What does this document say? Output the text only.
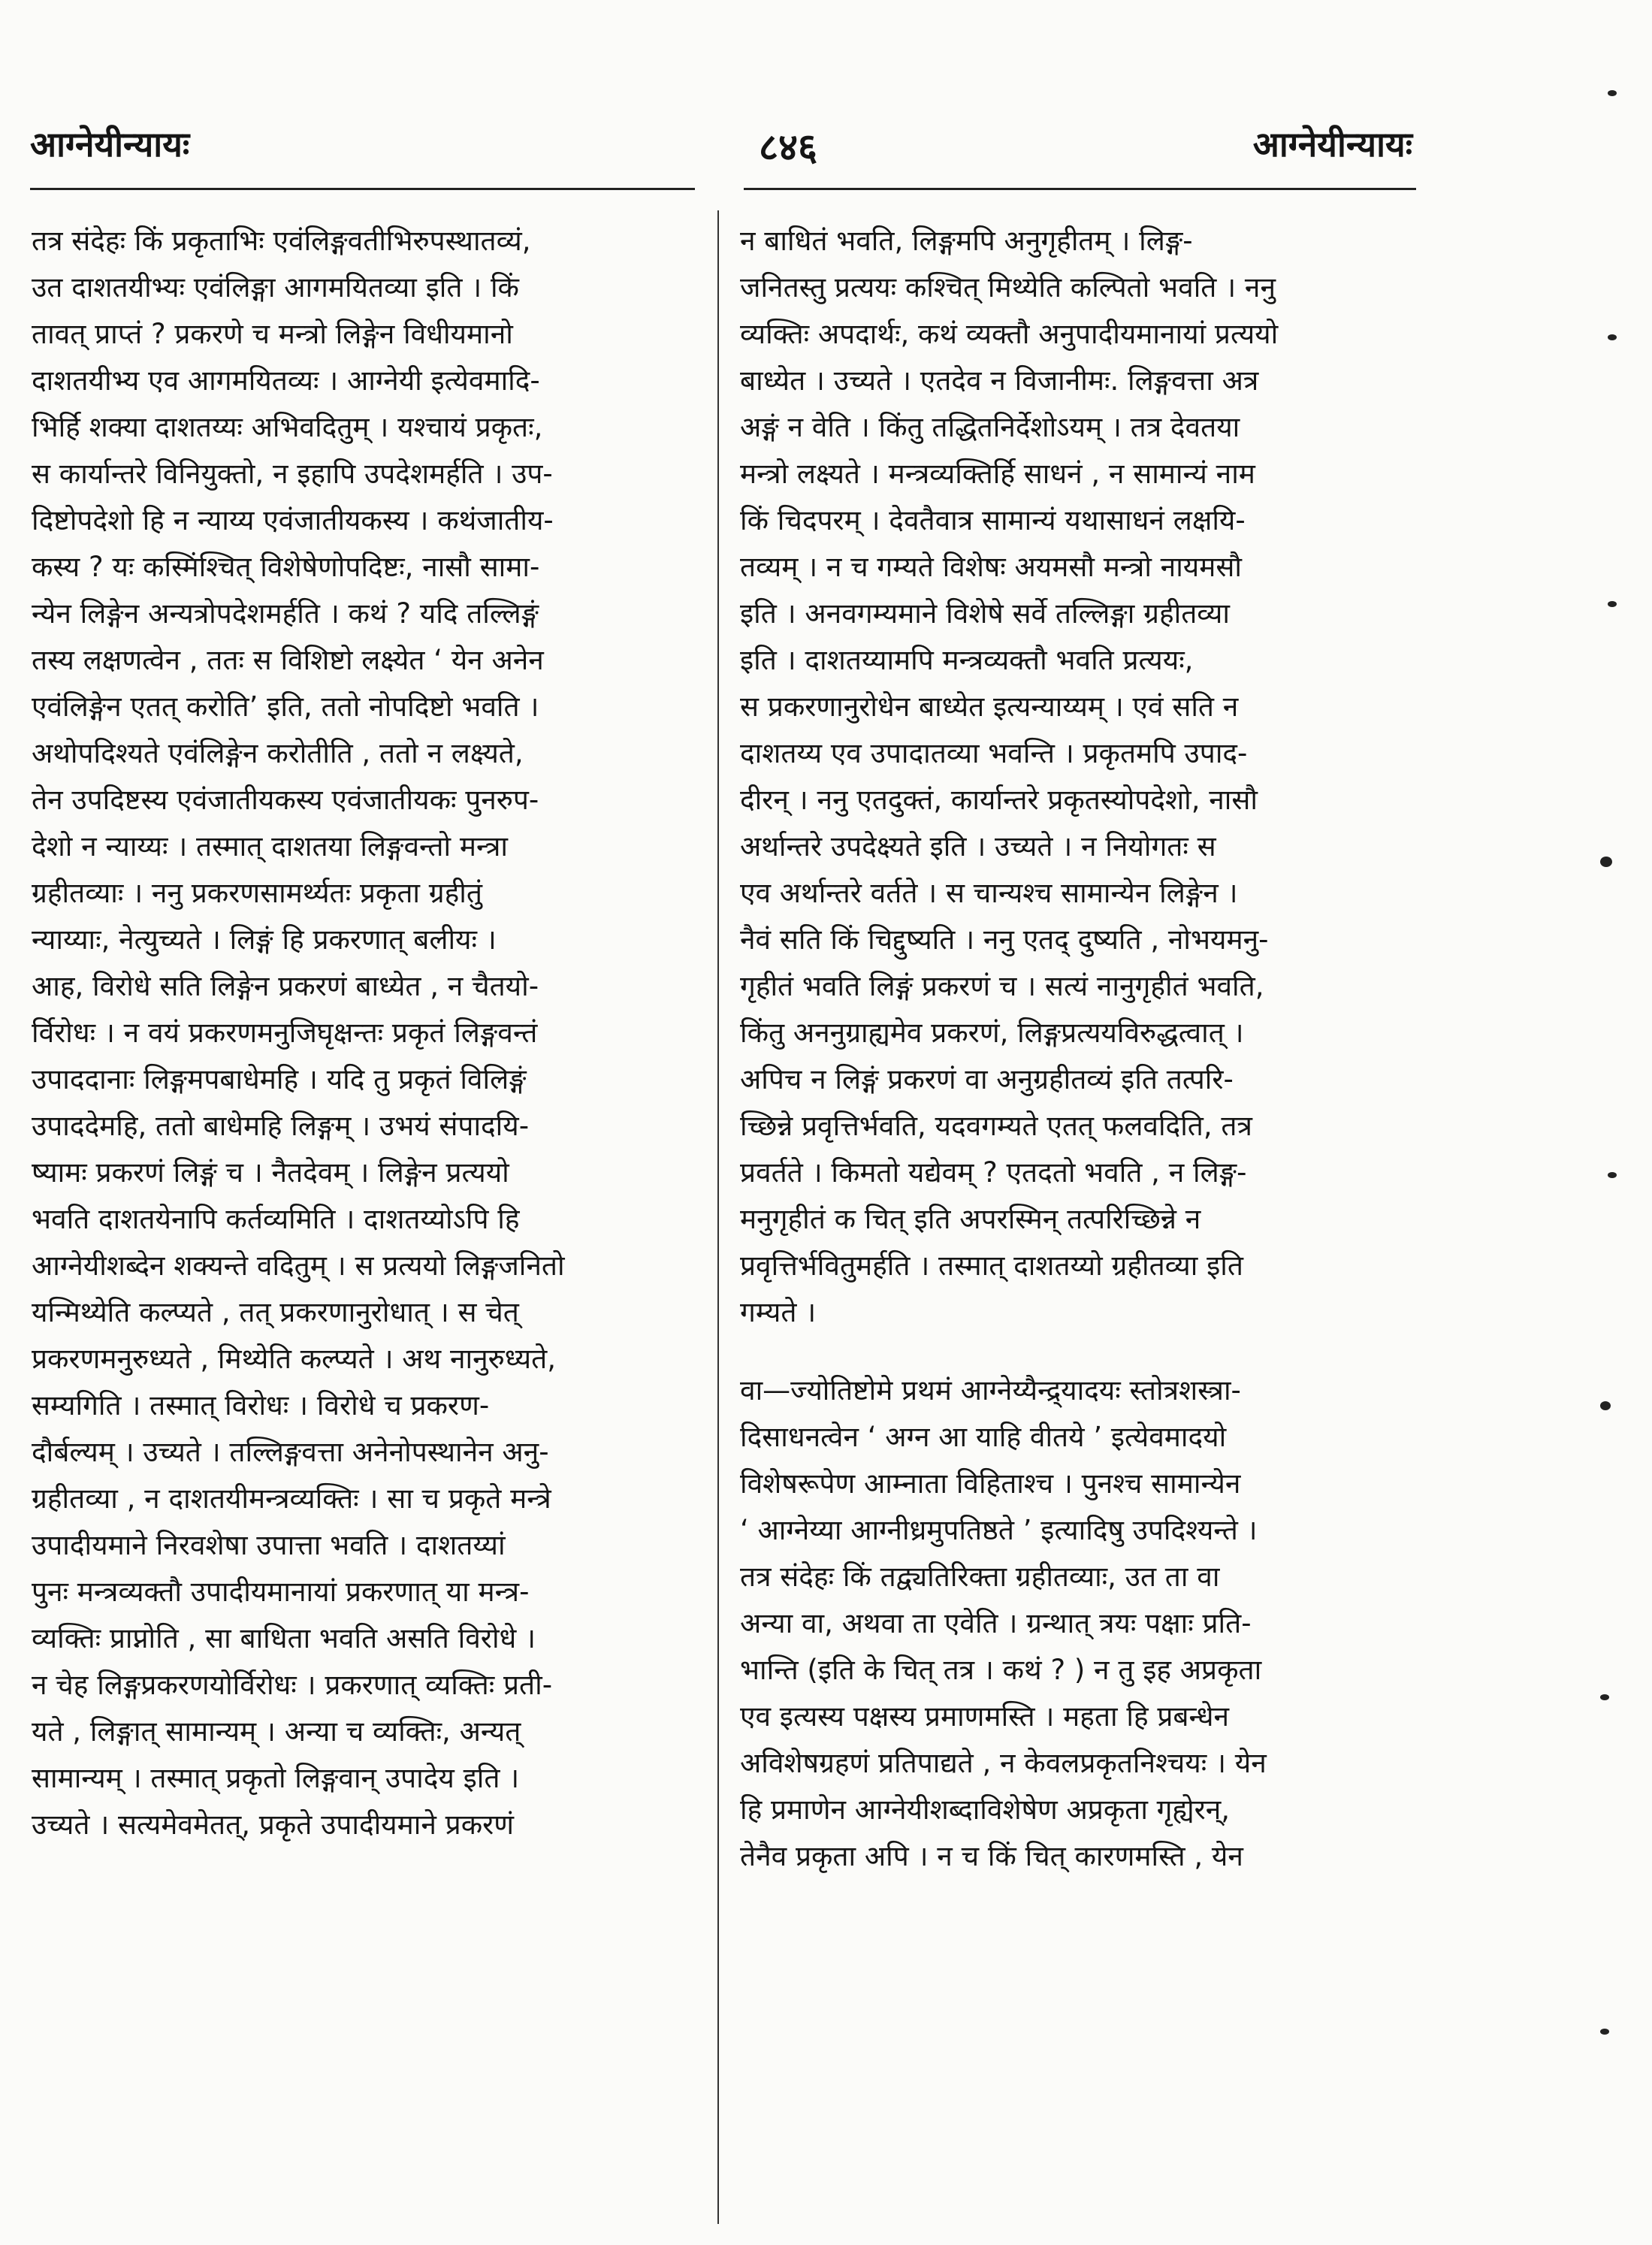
आग्नेयीन्यायः	८४६	आग्नेयीन्यायः
तत्र संदेहः किं प्रकृताभिः एवंलिङ्गवतीभिरुपस्थातव्यं,
उत दाशतयीभ्यः एवंलिङ्गा आगमयितव्या इति । किं
तावत् प्राप्तं ? प्रकरणे च मन्त्रो लिङ्गेन विधीयमानो
दाशतयीभ्य एव आगमयितव्यः । आग्नेयी इत्येवमादि-
भिर्हि शक्या दाशतय्यः अभिवदितुम् । यश्चायं प्रकृतः,
स कार्यान्तरे विनियुक्तो, न इहापि उपदेशमर्हति । उप-
दिष्टोपदेशो हि न न्याय्य एवंजातीयकस्य । कथंजातीय-
कस्य ? यः कस्मिंश्चित् विशेषेणोपदिष्टः, नासौ सामा-
न्येन लिङ्गेन अन्यत्रोपदेशमर्हति । कथं ? यदि तल्लिङ्गं
तस्य लक्षणत्वेन , ततः स विशिष्टो लक्ष्येत ‘ येन अनेन
एवंलिङ्गेन एतत् करोति’ इति, ततो नोपदिष्टो भवति ।
अथोपदिश्यते एवंलिङ्गेन करोतीति , ततो न लक्ष्यते,
तेन उपदिष्टस्य एवंजातीयकस्य एवंजातीयकः पुनरुप-
देशो न न्याय्यः । तस्मात् दाशतया लिङ्गवन्तो मन्त्रा
ग्रहीतव्याः । ननु प्रकरणसामर्थ्यतः प्रकृता ग्रहीतुं
न्याय्याः, नेत्युच्यते । लिङ्गं हि प्रकरणात् बलीयः ।
आह, विरोधे सति लिङ्गेन प्रकरणं बाध्येत , न चैतयो-
र्विरोधः । न वयं प्रकरणमनुजिघृक्षन्तः प्रकृतं लिङ्गवन्तं
उपाददानाः लिङ्गमपबाधेमहि । यदि तु प्रकृतं विलिङ्गं
उपाददेमहि, ततो बाधेमहि लिङ्गम् । उभयं संपादयि-
ष्यामः प्रकरणं लिङ्गं च । नैतदेवम् । लिङ्गेन प्रत्ययो
भवति दाशतयेनापि कर्तव्यमिति । दाशतय्योऽपि हि
आग्नेयीशब्देन शक्यन्ते वदितुम् । स प्रत्ययो लिङ्गजनितो
यन्मिथ्येति कल्प्यते , तत् प्रकरणानुरोधात् । स चेत्
प्रकरणमनुरुध्यते , मिथ्येति कल्प्यते । अथ नानुरुध्यते,
सम्यगिति । तस्मात् विरोधः । विरोधे च प्रकरण-
दौर्बल्यम् । उच्यते । तल्लिङ्गवत्ता अनेनोपस्थानेन अनु-
ग्रहीतव्या , न दाशतयीमन्त्रव्यक्तिः । सा च प्रकृते मन्त्रे
उपादीयमाने निरवशेषा उपात्ता भवति । दाशतय्यां
पुनः मन्त्रव्यक्तौ उपादीयमानायां प्रकरणात् या मन्त्र-
व्यक्तिः प्राप्नोति , सा बाधिता भवति असति विरोधे ।
न चेह लिङ्गप्रकरणयोर्विरोधः । प्रकरणात् व्यक्तिः प्रती-
यते , लिङ्गात् सामान्यम् । अन्या च व्यक्तिः, अन्यत्
सामान्यम् । तस्मात् प्रकृतो लिङ्गवान् उपादेय इति ।
उच्यते । सत्यमेवमेतत्, प्रकृते उपादीयमाने प्रकरणं
न बाधितं भवति, लिङ्गमपि अनुगृहीतम् । लिङ्ग-
जनितस्तु प्रत्ययः कश्चित् मिथ्येति कल्पितो भवति । ननु
व्यक्तिः अपदार्थः, कथं व्यक्तौ अनुपादीयमानायां प्रत्ययो
बाध्येत । उच्यते । एतदेव न विजानीमः. लिङ्गवत्ता अत्र
अङ्गं न वेति । किंतु तद्धितनिर्देशोऽयम् । तत्र देवतया
मन्त्रो लक्ष्यते । मन्त्रव्यक्तिर्हि साधनं , न सामान्यं नाम
किं चिदपरम् । देवतैवात्र सामान्यं यथासाधनं लक्षयि-
तव्यम् । न च गम्यते विशेषः अयमसौ मन्त्रो नायमसौ
इति । अनवगम्यमाने विशेषे सर्वे तल्लिङ्गा ग्रहीतव्या
इति । दाशतय्यामपि मन्त्रव्यक्तौ भवति प्रत्ययः,
स प्रकरणानुरोधेन बाध्येत इत्यन्याय्यम् । एवं सति न
दाशतय्य एव उपादातव्या भवन्ति । प्रकृतमपि उपाद-
दीरन् । ननु एतदुक्तं, कार्यान्तरे प्रकृतस्योपदेशो, नासौ
अर्थान्तरे उपदेक्ष्यते इति । उच्यते । न नियोगतः स
एव अर्थान्तरे वर्तते । स चान्यश्च सामान्येन लिङ्गेन ।
नैवं सति किं चिद्दुष्यति । ननु एतद् दुष्यति , नोभयमनु-
गृहीतं भवति लिङ्गं प्रकरणं च । सत्यं नानुगृहीतं भवति,
किंतु अननुग्राह्यमेव प्रकरणं, लिङ्गप्रत्ययविरुद्धत्वात् ।
अपिच न लिङ्गं प्रकरणं वा अनुग्रहीतव्यं इति तत्परि-
च्छिन्ने प्रवृत्तिर्भवति, यदवगम्यते एतत् फलवदिति, तत्र
प्रवर्तते । किमतो यद्येवम् ? एतदतो भवति , न लिङ्ग-
मनुगृहीतं क चित् इति अपरस्मिन् तत्परिच्छिन्ने न
प्रवृत्तिर्भवितुमर्हति । तस्मात् दाशतय्यो ग्रहीतव्या इति
गम्यते ।
वा—ज्योतिष्टोमे प्रथमं आग्नेय्यैन्द्र्यादयः स्तोत्रशस्त्रा-
दिसाधनत्वेन ‘ अग्न आ याहि वीतये ’ इत्येवमादयो
विशेषरूपेण आम्नाता विहिताश्च । पुनश्च सामान्येन
‘ आग्नेय्या आग्नीध्रमुपतिष्ठते ’ इत्यादिषु उपदिश्यन्ते ।
तत्र संदेहः किं तद्व्यतिरिक्ता ग्रहीतव्याः, उत ता वा
अन्या वा, अथवा ता एवेति । ग्रन्थात् त्रयः पक्षाः प्रति-
भान्ति (इति के चित् तत्र । कथं ? ) न तु इह अप्रकृता
एव इत्यस्य पक्षस्य प्रमाणमस्ति । महता हि प्रबन्धेन
अविशेषग्रहणं प्रतिपाद्यते , न केवलप्रकृतनिश्चयः । येन
हि प्रमाणेन आग्नेयीशब्दाविशेषेण अप्रकृता गृह्येरन्,
तेनैव प्रकृता अपि । न च किं चित् कारणमस्ति , येन
